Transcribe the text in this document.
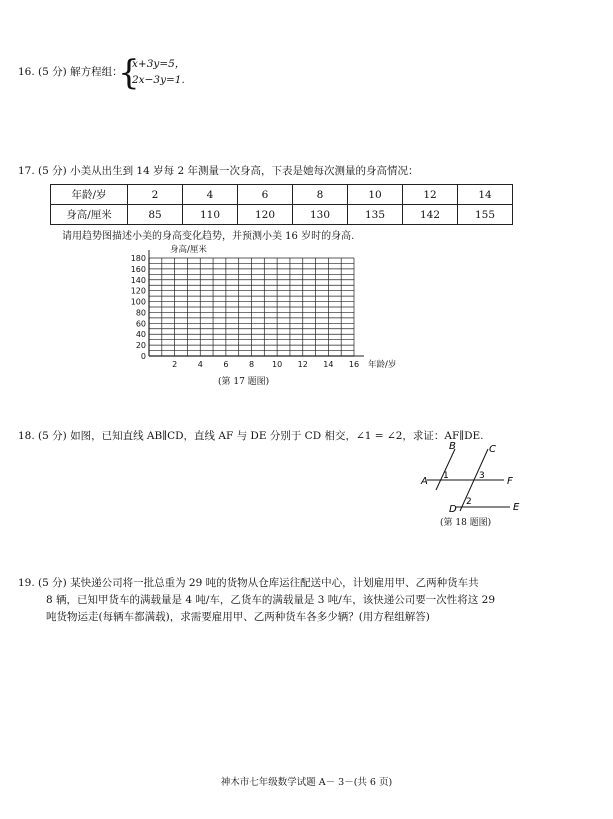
16. (5 分) 解方程组：
{
x+3y=5，
2x−3y=1.
17. (5 分) 小美从出生到 14 岁每 2 年测量一次身高，下表是她每次测量的身高情况：
年龄/岁	2	4	6	8	10	12	14
身高/厘米	85	110	120	130	135	142	155
请用趋势图描述小美的身高变化趋势，并预测小美 16 岁时的身高.
0
20
40
60
80
100
120
140
160
180
2	4	6	8 10 12 14 16
身高/厘米
年龄/岁
(第 17 题图)
18. (5 分) 如图，已知直线 AB∥CD，直线 AF 与 DE 分别于 CD 相交，∠1 = ∠2，求证：AF∥DE.
B	C
A	F
D	E
1	3
2
(第 18 题图)
19. (5 分) 某快递公司将一批总重为 29 吨的货物从仓库运往配送中心，计划雇用甲、乙两种货车共
8 辆，已知甲货车的满载量是 4 吨/车，乙货车的满载量是 3 吨/车，该快递公司要一次性将这 29
吨货物运走(每辆车都满载)，求需要雇用甲、乙两种货车各多少辆？(用方程组解答)
神木市七年级数学试题 A－ 3－(共 6 页)
